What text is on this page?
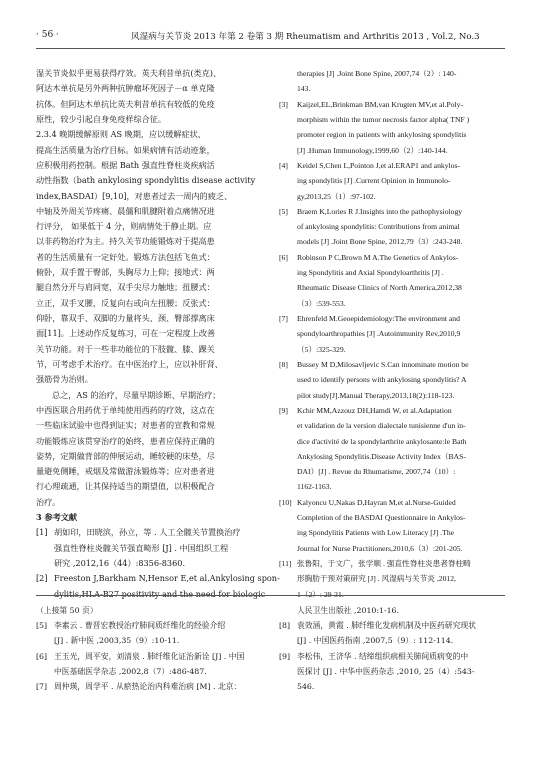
· 56 ·	风湿病与关节炎 2013 年第 2 卷第 3 期 Rheumatism and Arthritis 2013 , Vol.2, No.3

湿关节炎似乎更易获得疗效。英夫利昔单抗(类克)、

阿达木单抗是另外两种抗肿瘤坏死因子－α 单克隆

抗体。但阿达木单抗比英夫利昔单抗有较低的免疫

原性，较少引起自身免疫样综合征。

2.3.4 晚期缓解原则 AS 晚期，应以缓解症状、

提高生活质量为治疗目标。如果病情有活动迹象，

应积极用药控制。根据 Bath 强直性脊柱炎疾病活

动性指数（bath ankylosing spondylitis disease activity

index,BASDAI）[9,10]，对患者过去一周内的疲乏、

中轴及外周关节疼痛、晨僵和肌腱附着点痛情况进

行评分， 如果低于 4 分，则病情处于静止期。应

以非药物治疗为主。持久关节功能锻炼对于提高患

者的生活质量有一定好处。锻炼方法包括飞鱼式：

俯卧，双手置于臀部，头胸尽力上仰；接地式：两

腿自然分开与肩同宽，双手尖尽力触地；扭腰式：

立正，双手叉腰，反复向右或向左扭腰；反张式：

仰卧，靠双手、双脚的力量将头、颈、臀部撑离床

面[11]。上述动作反复练习，可在一定程度上改善

关节功能。对于一些非功能位的下肢髋、膝、踝关

节，可考虑手术治疗。在中医治疗上，应以补肝肾、

强筋骨为治则。

总之，AS 的治疗，尽量早期诊断、早期治疗；

中西医联合用药优于单纯使用西药的疗效，这点在

一些临床试验中也得到证实；对患者的宣教和常规

功能锻炼应该贯穿治疗的始终，患者应保持正确的

姿势，定期做背部的伸展运动，睡较硬的床垫，尽

量避免侧睡，戒烟及常做游泳锻炼等；应对患者进

行心理疏通，让其保持适当的期望值，以积极配合

治疗。

3 参考文献

[1] 胡如印，田晓滨，孙立，等 . 人工全髋关节置换治疗
强直性脊柱炎髋关节强直畸形 [J] . 中国组织工程
研究 ,2012,16（44）:8356-8360.
[2] Freeston J,Barkham N,Hensor E,et al.Ankylosing spon-
dylitis,HLA-B27 positivity and the need for biologic

therapies [J] .Joint Bone Spine, 2007,74（2）: 140-

143.

[3]	Kaijzel,EL,Brinkman BM,van Krugten MV,et al.Poly-
morphism within the tumor necrosis factor alpha( TNF )
promoter region in patients with ankylosing spondylitis
[J] .Human Immunology,1999,60（2）:140-144.
[4]	Keidel S,Chen L,Pointon J,et al.ERAP1 and ankylos-
ing spondylitis [J] .Current Opinion in Immunolo-
gy,2013,25（1）:97-102.
[5]	Braem K,Lories R J.Insights into the pathophysiology
of ankylosing spondylitis: Contributions from animal
models [J] .Joint Bone Spine, 2012,79（3）:243-248.
[6]	Robinson P C,Brown M A.The Genetics of Ankylos-
ing Spondylitis and Axial Spondyloarthritis [J] .
Rheumatic Disease Clinics of North America,2012,38
（3）:539-553.
[7]	Ehrenfeld M.Geoepidemiology:The environment and
spondyloarthropathies [J] .Autoimmunity Rev,2010,9
（5）:325-329.
[8]	Bussey M D,Milosavljevic S.Can innominate motion be
used to identify persons with ankylosing spondylitis? A
pilot study[J].Manual Therapy,2013,18(2):118-123.
[9]	Kchir MM,Azzouz DH,Hamdi W, et al.Adaptation
et validation de la version dialectale tunisienne d'un in-
dice d'activité de la spondylarthrite ankylosante:le Bath
Ankylosing Spondylitis.Disease Activity Index（BAS-
DAI）[J] . Revue du Rhumatisme, 2007,74（10）:
1162-1163.
[10] Kalyoncu U,Nakas D,Hayran M,et al.Nurse-Guided
Completion of the BASDAI Questionnaire in Ankylos-
ing Spondylitis Patients with Low Literacy [J] .The
Journal for Nurse Practitioners,2010,6（3）:201-205.
[11] 张鲁阳，于文广，张学顺 . 强直性脊柱炎患者脊柱畸
形胸肋干预对策研究 [J] . 风湿病与关节炎 ,2012,
1（2）: 29-31.

（上接第 50 页）

[5] 李素云 . 曹晋宏教授治疗肺间质纤维化的经验介绍
[J] . 新中医 ,2003,35（9）:10-11.
[6] 王玉光，周平安，刘清泉 . 肺纤维化证治新诠 [J] . 中国
中医基础医学杂志 ,2002,8（7）:486-487.
[7] 周仲瑛，周学平 . 从瘀热论治内科难治病 [M] . 北京：

人民卫生出版社 ,2010:1-16.

[8] 袁效涵，黄霞 . 肺纤维化发病机制及中医药研究现状
[J] . 中国医药指南 ,2007,5（9）: 112-114.
[9] 李松伟，王济华 . 结缔组织病相关肺间质病变的中
医探讨 [J] . 中华中医药杂志 ,2010, 25（4）:543-
546.
